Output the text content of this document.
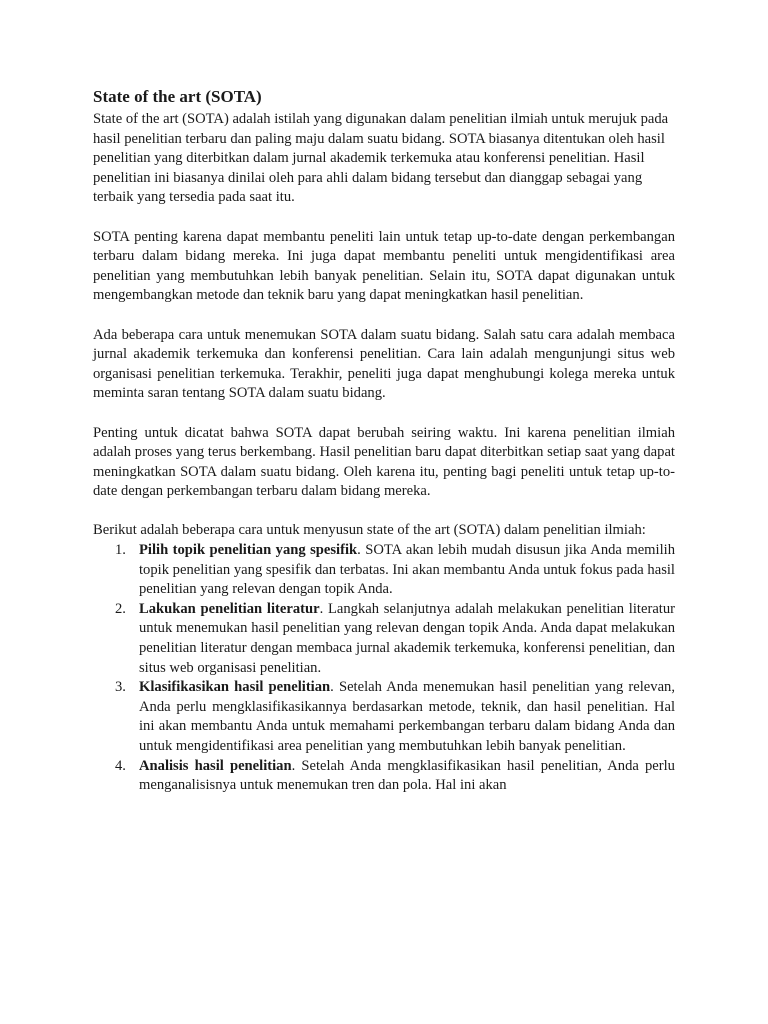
State of the art (SOTA)

State of the art (SOTA) adalah istilah yang digunakan dalam penelitian ilmiah untuk merujuk pada hasil penelitian terbaru dan paling maju dalam suatu bidang. SOTA biasanya ditentukan oleh hasil penelitian yang diterbitkan dalam jurnal akademik terkemuka atau konferensi penelitian. Hasil penelitian ini biasanya dinilai oleh para ahli dalam bidang tersebut dan dianggap sebagai yang terbaik yang tersedia pada saat itu.

SOTA penting karena dapat membantu peneliti lain untuk tetap up-to-date dengan perkembangan terbaru dalam bidang mereka. Ini juga dapat membantu peneliti untuk mengidentifikasi area penelitian yang membutuhkan lebih banyak penelitian. Selain itu, SOTA dapat digunakan untuk mengembangkan metode dan teknik baru yang dapat meningkatkan hasil penelitian.

Ada beberapa cara untuk menemukan SOTA dalam suatu bidang. Salah satu cara adalah membaca jurnal akademik terkemuka dan konferensi penelitian. Cara lain adalah mengunjungi situs web organisasi penelitian terkemuka. Terakhir, peneliti juga dapat menghubungi kolega mereka untuk meminta saran tentang SOTA dalam suatu bidang.

Penting untuk dicatat bahwa SOTA dapat berubah seiring waktu. Ini karena penelitian ilmiah adalah proses yang terus berkembang. Hasil penelitian baru dapat diterbitkan setiap saat yang dapat meningkatkan SOTA dalam suatu bidang. Oleh karena itu, penting bagi peneliti untuk tetap up-to-date dengan perkembangan terbaru dalam bidang mereka.

Berikut adalah beberapa cara untuk menyusun state of the art (SOTA) dalam penelitian ilmiah:

1. Pilih topik penelitian yang spesifik. SOTA akan lebih mudah disusun jika Anda memilih topik penelitian yang spesifik dan terbatas. Ini akan membantu Anda untuk fokus pada hasil penelitian yang relevan dengan topik Anda.
2. Lakukan penelitian literatur. Langkah selanjutnya adalah melakukan penelitian literatur untuk menemukan hasil penelitian yang relevan dengan topik Anda. Anda dapat melakukan penelitian literatur dengan membaca jurnal akademik terkemuka, konferensi penelitian, dan situs web organisasi penelitian.
3. Klasifikasikan hasil penelitian. Setelah Anda menemukan hasil penelitian yang relevan, Anda perlu mengklasifikasikannya berdasarkan metode, teknik, dan hasil penelitian. Hal ini akan membantu Anda untuk memahami perkembangan terbaru dalam bidang Anda dan untuk mengidentifikasi area penelitian yang membutuhkan lebih banyak penelitian.
4. Analisis hasil penelitian. Setelah Anda mengklasifikasikan hasil penelitian, Anda perlu menganalisisnya untuk menemukan tren dan pola. Hal ini akan
